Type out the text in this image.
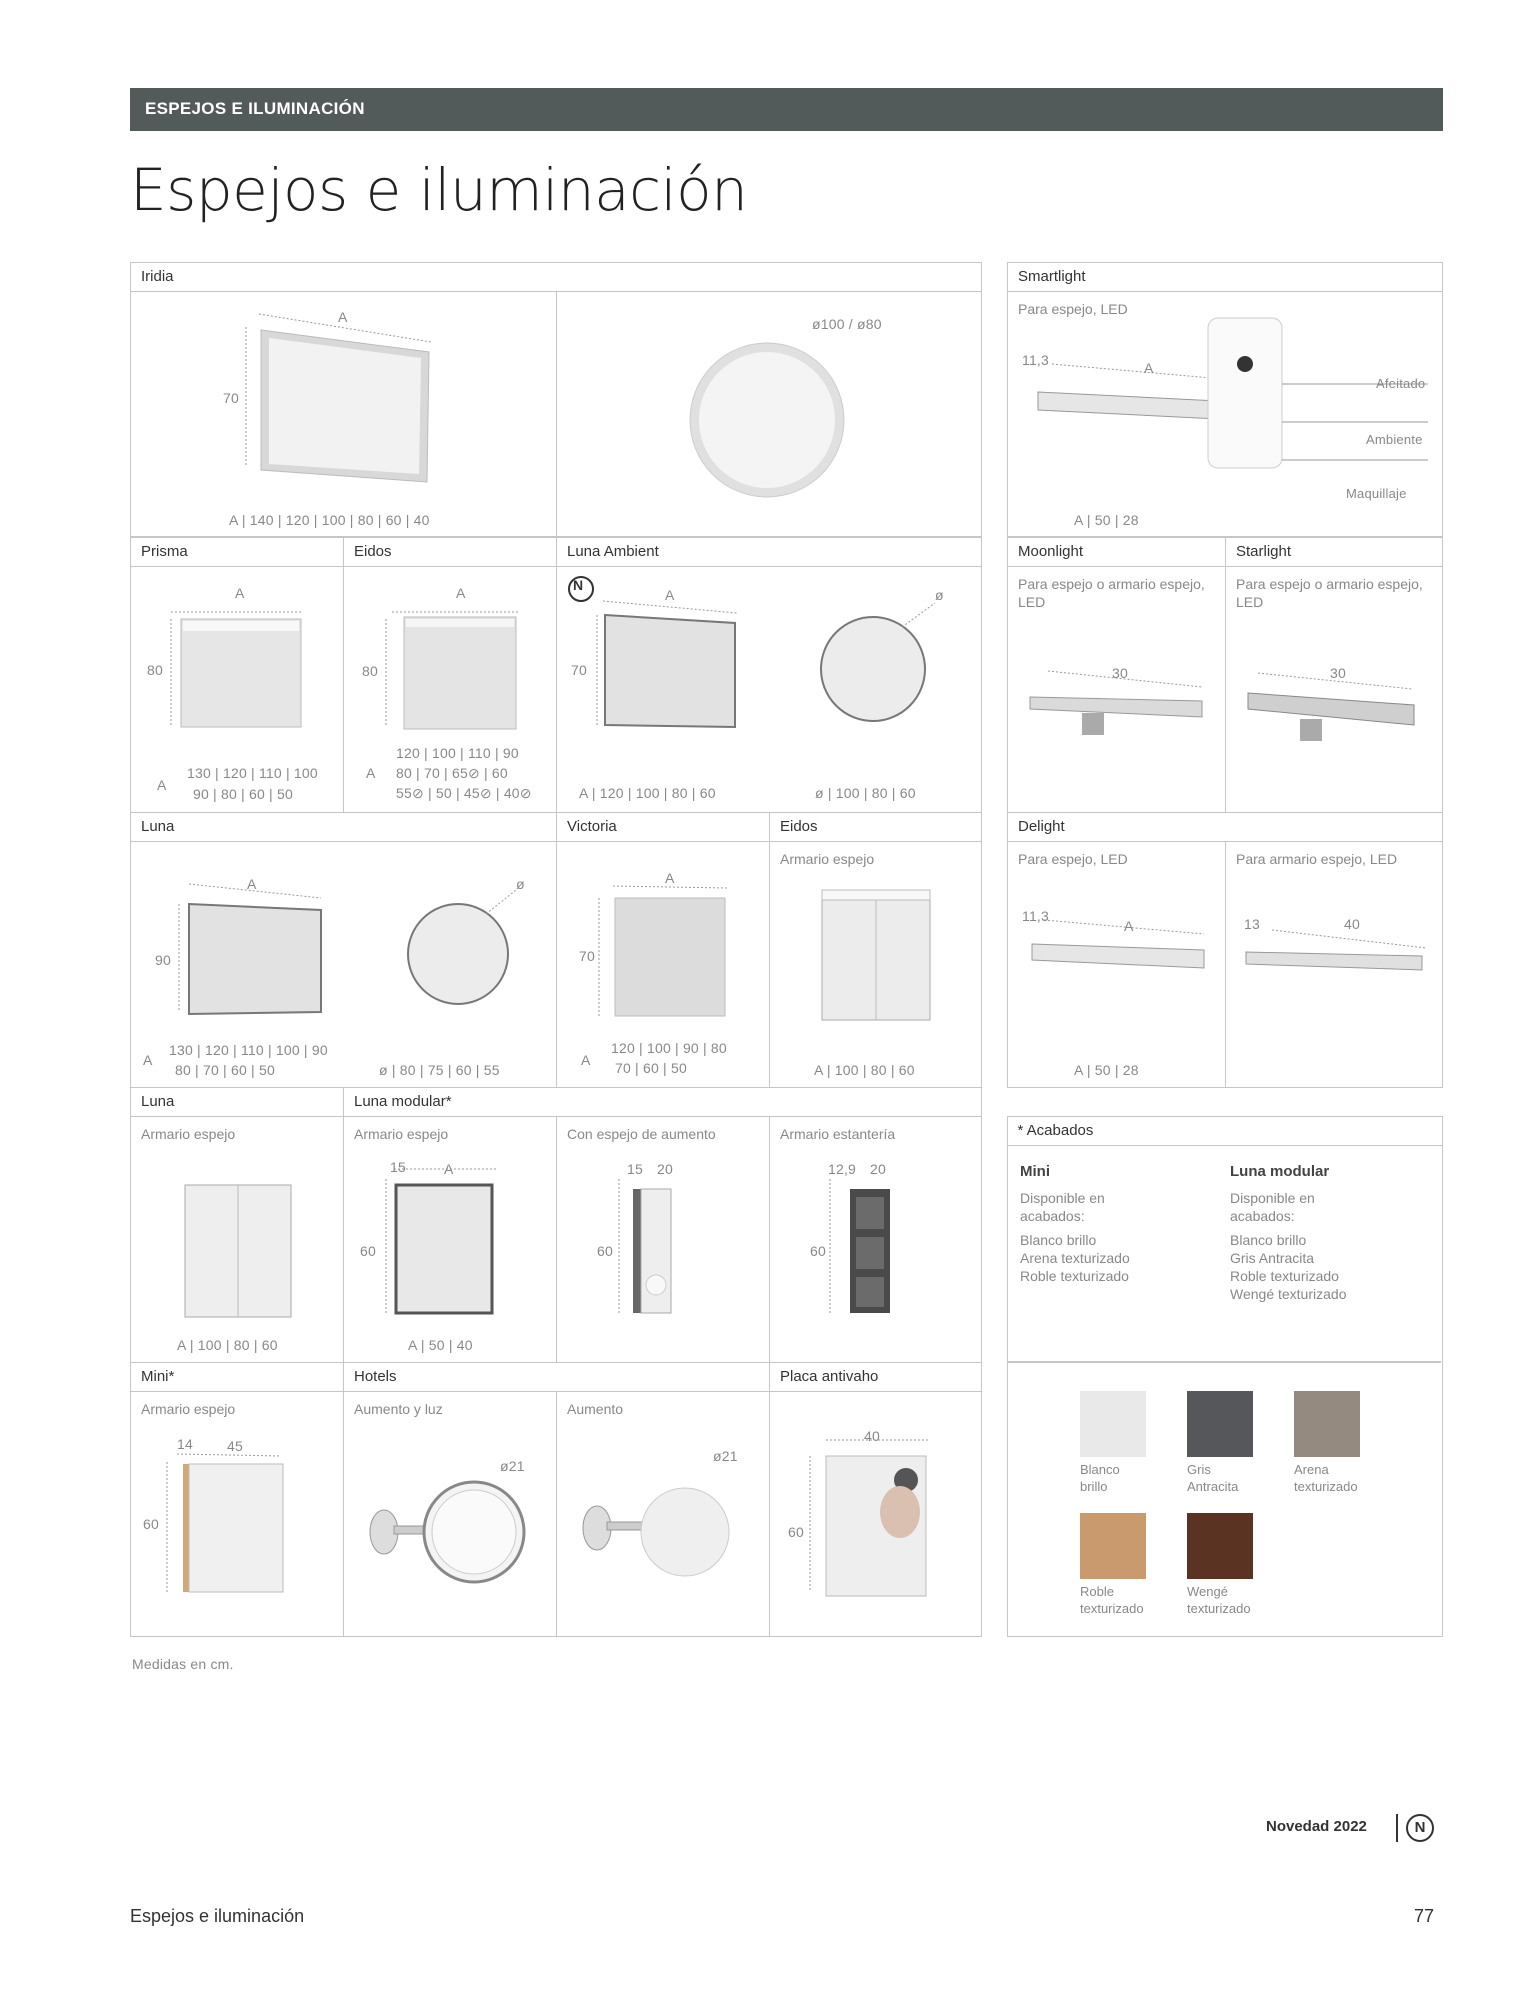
ESPEJOS E ILUMINACIÓN
Espejos e iluminación
Iridia
A
70
A | 140 | 120 | 100 | 80 | 60 | 40
ø100 / ø80
Prisma	Eidos	Luna Ambient
A
80
A
130 | 120 | 110 | 100
90 | 80 | 60 | 50
A
80
A
120 | 100 | 110 | 90
80 | 70 | 65⊘ | 60
55⊘ | 50 | 45⊘ | 40⊘
N
A
70
ø
A | 120 | 100 | 80 | 60	ø | 100 | 80 | 60
Luna	Victoria	Eidos
A
90
ø
A
130 | 120 | 110 | 100 | 90
80 | 70 | 60 | 50	ø | 80 | 75 | 60 | 55
A
70
A
120 | 100 | 90 | 80
70 | 60 | 50
Armario espejo
A | 100 | 80 | 60
Luna	Luna modular*
Armario espejo
A | 100 | 80 | 60
Armario espejo
15	A
60
A | 50 | 40
Con espejo de aumento
15 20
60
Armario estantería
12,9 20
60
Mini*	Hotels	Placa antivaho
Armario espejo
14 45
60
Aumento y luz
ø21
Aumento
ø21
40
60
Smartlight
Para espejo, LED
11,3	A
Afeitado
Ambiente
Maquillaje
A | 50 | 28
Moonlight	Starlight
Para espejo o armario espejo, LED
30
Para espejo o armario espejo, LED
30
Delight
Para espejo, LED
11,3
A
A | 50 | 28
Para armario espejo, LED
13	40
* Acabados
Mini
Disponible en acabados:
Blanco brillo
Arena texturizado
Roble texturizado
Luna modular
Disponible en acabados:
Blanco brillo
Gris Antracita
Roble texturizado
Wengé texturizado
Blanco
brillo
Gris
Antracita
Arena
texturizado
Roble
texturizado
Wengé
texturizado
Medidas en cm.
Novedad 2022	N
Espejos e iluminación	77
